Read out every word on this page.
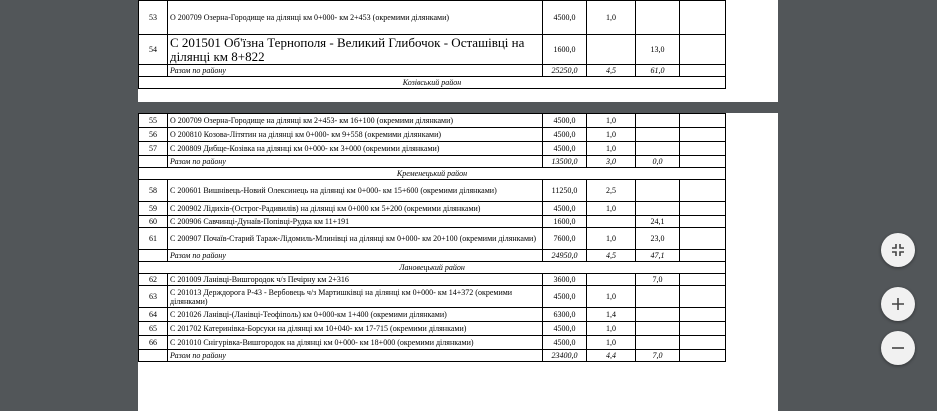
53	О 200709 Озерна-Городище на ділянці км 0+000- км 2+453 (окремими ділянками)	4500,0	1,0		
54	С 201501 Об'їзна Тернополя - Великий Глибочок - Осташівці на ділянці км 8+822	1600,0		13,0	
	Разом по району	25250,0	4,5	61,0	
Козівський район					
55	О 200709 Озерна-Городище на ділянці км 2+453- км 16+100 (окремими ділянками)	4500,0	1,0		
56	О 200810 Козова-Літятин на ділянці км 0+000- км 9+558 (окремими ділянками)	4500,0	1,0		
57	С 200809 Дибще-Козівка на ділянці км 0+000- км 3+000 (окремими ділянками)	4500,0	1,0		
	Разом по району	13500,0	3,0	0,0	
Кременецький район					
58	С 200601 Вишнівець-Новий Олексинець на ділянці км 0+000- км 15+600 (окремими ділянками)	11250,0	2,5		
59	С 200902 Лідихів-(Острог-Радивилів) на ділянці км 0+000 км 5+200 (окремими ділянками)	4500,0	1,0		
60	С 200906 Савчинці-Дунаїв-Попівці-Рудка км 11+191	1600,0		24,1	
61	С 200907 Почаїв-Старий Тараж-Лідомиль-Млинівці на ділянці км 0+000- км 20+100 (окремими ділянками)	7600,0	1,0	23,0	
	Разом по району	24950,0	4,5	47,1	
Лановецький район					
62	С 201009 Ланівці-Вишгородок ч/з Печірну км 2+316	3600,0		7,0	
63	С 201013 Держдорога Р-43 - Вербовець ч/з Мартишківці на ділянці км 0+000- км 14+372 (окремими ділянками)	4500,0	1,0		
64	С 201026 Ланівці-(Ланівці-Теофіполь) км 0+000-км 1+400 (окремими ділянками)	6300,0	1,4		
65	С 201702 Катеринівка-Борсуки на ділянці км 10+040- км 17-715 (окремими ділянками)	4500,0	1,0		
66	С 201010 Снігурівка-Вишгородок на ділянці км 0+000- км 18+000 (окремими ділянками)	4500,0	1,0		
	Разом по району	23400,0	4,4	7,0	
